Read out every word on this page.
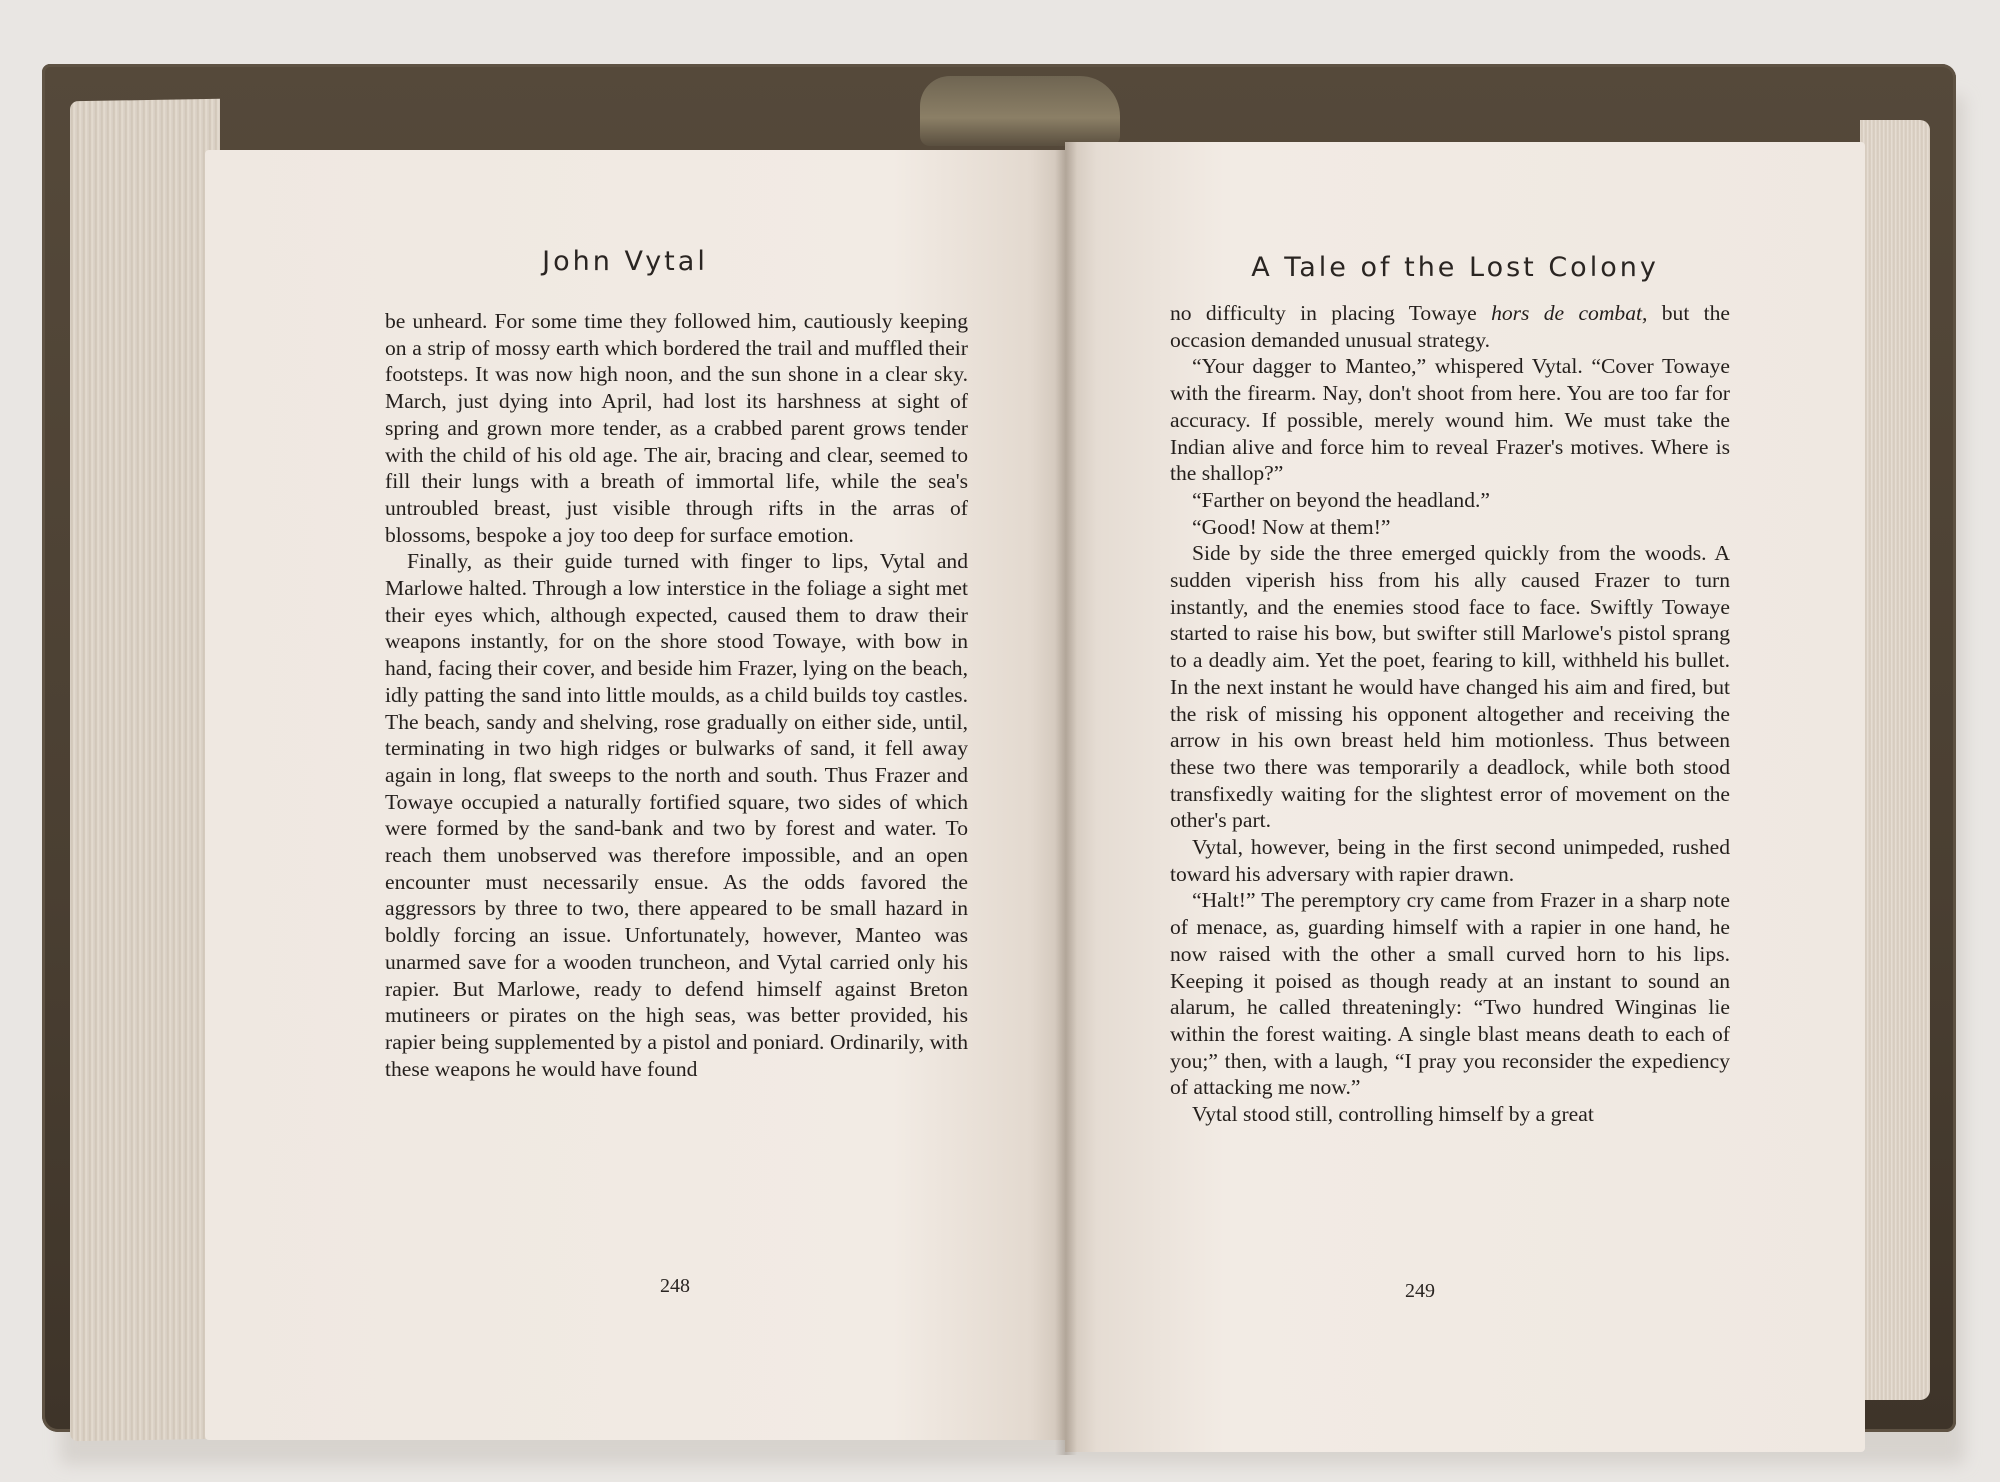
John Vytal

be unheard. For some time they followed him, cautiously keeping on a strip of mossy earth which bordered the trail and muffled their footsteps. It was now high noon, and the sun shone in a clear sky. March, just dying into April, had lost its harshness at sight of spring and grown more tender, as a crabbed parent grows tender with the child of his old age. The air, bracing and clear, seemed to fill their lungs with a breath of immortal life, while the sea's untroubled breast, just visible through rifts in the arras of blossoms, bespoke a joy too deep for surface emotion.

Finally, as their guide turned with finger to lips, Vytal and Marlowe halted. Through a low interstice in the foliage a sight met their eyes which, although expected, caused them to draw their weapons instantly, for on the shore stood Towaye, with bow in hand, facing their cover, and beside him Frazer, lying on the beach, idly patting the sand into little moulds, as a child builds toy castles. The beach, sandy and shelving, rose gradually on either side, until, terminating in two high ridges or bulwarks of sand, it fell away again in long, flat sweeps to the north and south. Thus Frazer and Towaye occupied a naturally fortified square, two sides of which were formed by the sand-bank and two by forest and water. To reach them unobserved was therefore impossible, and an open encounter must necessarily ensue. As the odds favored the aggressors by three to two, there appeared to be small hazard in boldly forcing an issue. Unfortunately, however, Manteo was unarmed save for a wooden truncheon, and Vytal carried only his rapier. But Marlowe, ready to defend himself against Breton mutineers or pirates on the high seas, was better provided, his rapier being supplemented by a pistol and poniard. Ordinarily, with these weapons he would have found

248
A Tale of the Lost Colony

no difficulty in placing Towaye hors de combat, but the occasion demanded unusual strategy.

“Your dagger to Manteo,” whispered Vytal. “Cover Towaye with the firearm. Nay, don't shoot from here. You are too far for accuracy. If possible, merely wound him. We must take the Indian alive and force him to reveal Frazer's motives. Where is the shallop?”

“Farther on beyond the headland.”

“Good! Now at them!”

Side by side the three emerged quickly from the woods. A sudden viperish hiss from his ally caused Frazer to turn instantly, and the enemies stood face to face. Swiftly Towaye started to raise his bow, but swifter still Marlowe's pistol sprang to a deadly aim. Yet the poet, fearing to kill, withheld his bullet. In the next instant he would have changed his aim and fired, but the risk of missing his opponent altogether and receiving the arrow in his own breast held him motionless. Thus between these two there was temporarily a deadlock, while both stood transfixedly waiting for the slightest error of movement on the other's part.

Vytal, however, being in the first second unimpeded, rushed toward his adversary with rapier drawn.

“Halt!” The peremptory cry came from Frazer in a sharp note of menace, as, guarding himself with a rapier in one hand, he now raised with the other a small curved horn to his lips. Keeping it poised as though ready at an instant to sound an alarum, he called threateningly: “Two hundred Winginas lie within the forest waiting. A single blast means death to each of you;” then, with a laugh, “I pray you reconsider the expediency of attacking me now.”

Vytal stood still, controlling himself by a great

249
